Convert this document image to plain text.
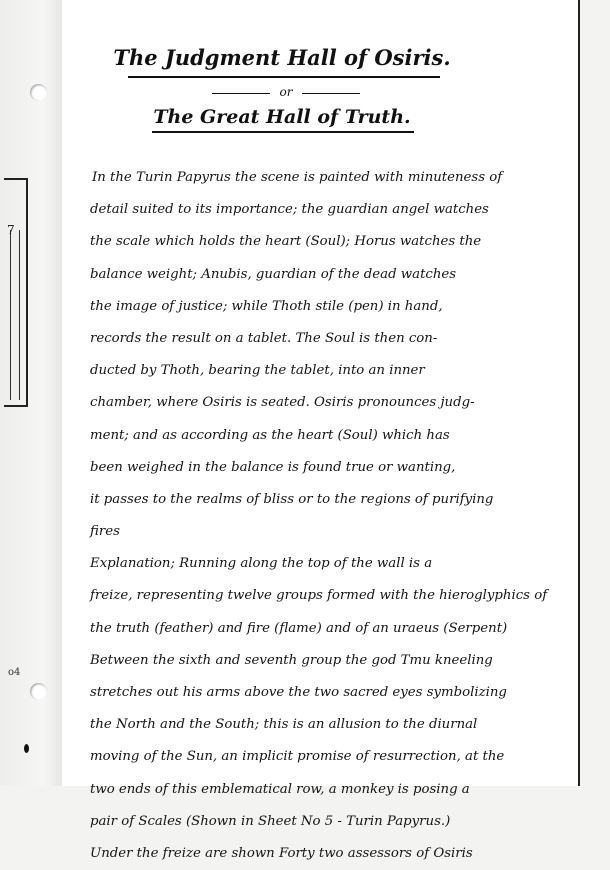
7
o4
The Judgment Hall of Osiris.
or
The Great Hall of Truth.
In the Turin Papyrus the scene is painted with minuteness of
detail suited to its importance; the guardian angel watches
the scale which holds the heart (Soul); Horus watches the
balance weight; Anubis, guardian of the dead watches
the image of justice; while Thoth stile (pen) in hand,
records the result on a tablet. The Soul is then con-
ducted by Thoth, bearing the tablet, into an inner
chamber, where Osiris is seated. Osiris pronounces judg-
ment; and as according as the heart (Soul) which has
been weighed in the balance is found true or wanting,
it passes to the realms of bliss or to the regions of purifying
fires
Explanation; Running along the top of the wall is a
freize, representing twelve groups formed with the hieroglyphics of
the truth (feather) and fire (flame) and of an uraeus (Serpent)
Between the sixth and seventh group the god Tmu kneeling
stretches out his arms above the two sacred eyes symbolizing
the North and the South; this is an allusion to the diurnal
moving of the Sun, an implicit promise of resurrection, at the
two ends of this emblematical row, a monkey is posing a
pair of Scales (Shown in Sheet No 5 - Turin Papyrus.)
Under the freize are shown Forty two assessors of Osiris
